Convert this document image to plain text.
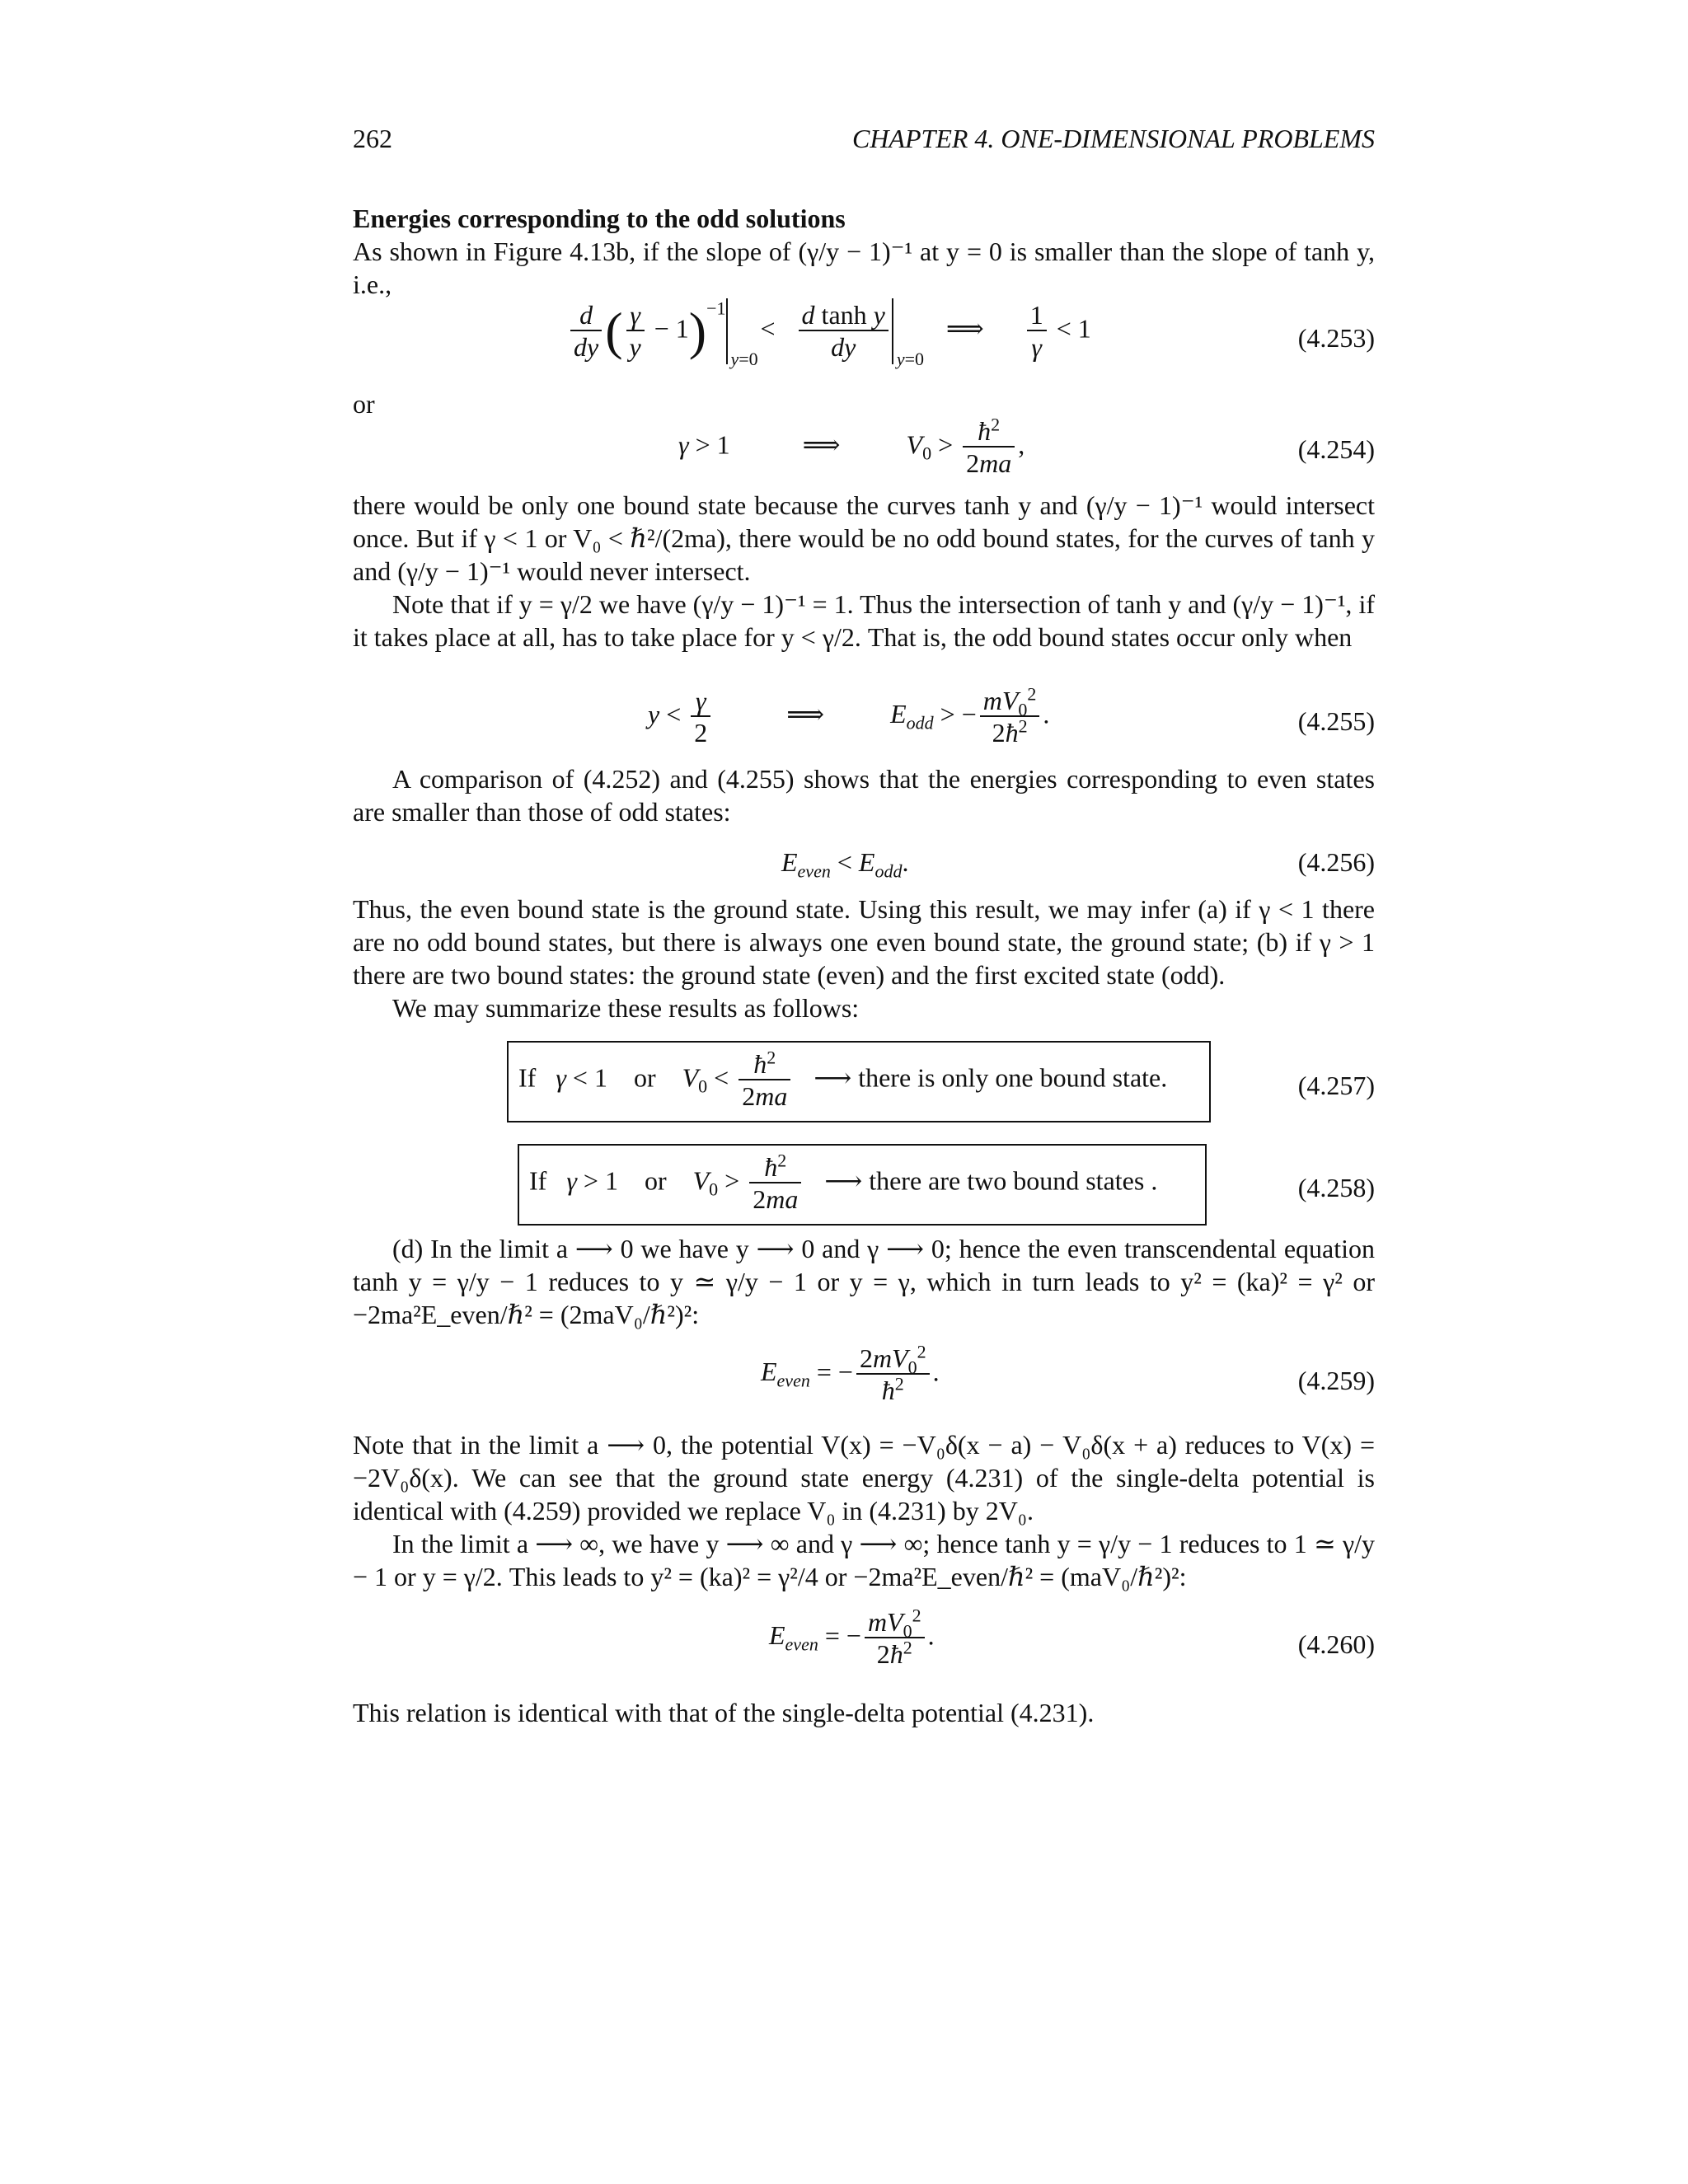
262	CHAPTER 4. ONE-DIMENSIONAL PROBLEMS
Energies corresponding to the odd solutions
As shown in Figure 4.13b, if the slope of (γ/y − 1)⁻¹ at y = 0 is smaller than the slope of tanh y, i.e.,
$\frac{d}{dy}$ ( $\frac{\gamma}{y} - 1)^{-1}$
y=0
< $\frac{\text{d tanh y}}{dy} y=0$
⟹ $\frac{1}{\gamma} < 1$	(4.253)
or
γ > 1           ⟹          $V_0 > \frac{ħ^2}{2ma}$ ,	(4.254)
there would be only one bound state because the curves tanh y and (γ/y − 1)⁻¹ would intersect once. But if γ < 1 or V₀ < ℏ²/(2ma), there would be no odd bound states, for the curves of tanh y and (γ/y − 1)⁻¹ would never intersect.
Note that if y = γ/2 we have (γ/y − 1)⁻¹ = 1. Thus the intersection of tanh y and (γ/y − 1)⁻¹, if it takes place at all, has to take place for y < γ/2. That is, the odd bound states occur only when
$y < \frac{\gamma}{2}$ ⟹          $E_{odd}$ > − $\frac{mV_0^2}{2ħ^2}$ .	(4.255)
A comparison of (4.252) and (4.255) shows that the energies corresponding to even states are smaller than those of odd states:
$E_{even} < E_{odd}$.	(4.256)
Thus, the even bound state is the ground state. Using this result, we may infer (a) if γ < 1 there are no odd bound states, but there is always one even bound state, the ground state; (b) if γ > 1 there are two bound states: the ground state (even) and the first excited state (odd).
We may summarize these results as follows:
If   γ < 1    or    $V_0 < \frac{ħ^2}{2ma}$ ⟶ there is only one bound state.	(4.257)
If   γ > 1    or    $V_0 > \frac{ħ^2}{2ma}$ ⟶ there are two bound states .	(4.258)
(d) In the limit a ⟶ 0 we have y ⟶ 0 and γ ⟶ 0; hence the even transcendental equation tanh y = γ/y − 1 reduces to y ≃ γ/y − 1 or y = γ, which in turn leads to y² = (ka)² = γ² or −2ma²E_even/ℏ² = (2maV₀/ℏ²)²:
$E_{even}$ = − $\frac{2mV_0^2}{ħ^2}$ .	(4.259)
Note that in the limit a ⟶ 0, the potential V(x) = −V₀δ(x − a) − V₀δ(x + a) reduces to V(x) = −2V₀δ(x). We can see that the ground state energy (4.231) of the single-delta potential is identical with (4.259) provided we replace V₀ in (4.231) by 2V₀.
In the limit a ⟶ ∞, we have y ⟶ ∞ and γ ⟶ ∞; hence tanh y = γ/y − 1 reduces to 1 ≃ γ/y − 1 or y = γ/2. This leads to y² = (ka)² = γ²/4 or −2ma²E_even/ℏ² = (maV₀/ℏ²)²:
$E_{even}$ = − $\frac{mV_0^2}{2ħ^2}$ .	(4.260)
This relation is identical with that of the single-delta potential (4.231).
